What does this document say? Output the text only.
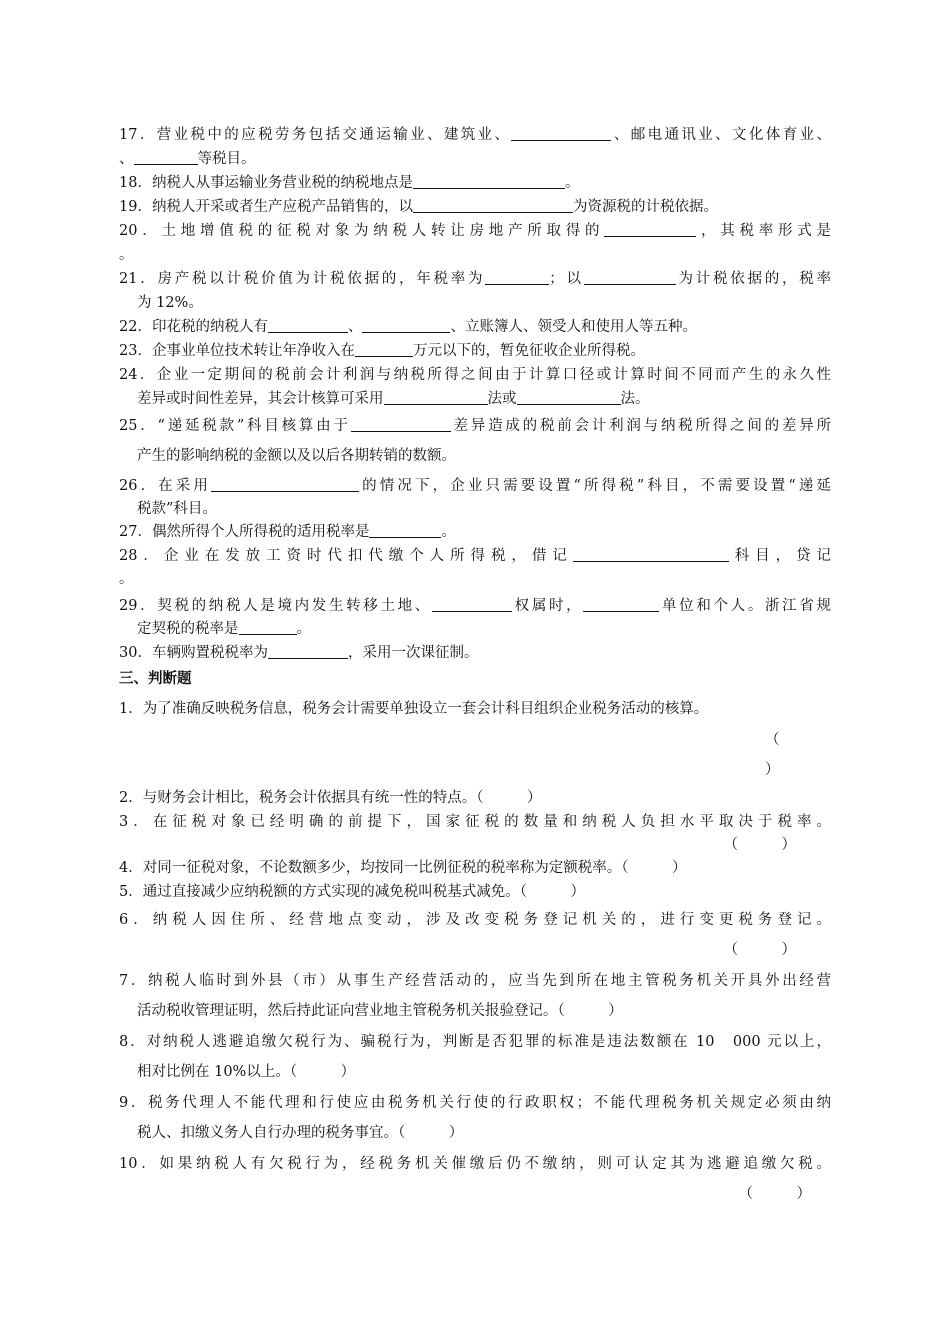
17．营业税中的应税劳务包括交通运输业、建筑业、	、邮电通讯业、文化体育业、
、	等税目。
18．纳税人从事运输业务营业税的纳税地点是	。
19．纳税人开采或者生产应税产品销售的，以	为资源税的计税依据。
20．土地增值税的征税对象为纳税人转让房地产所取得的	，其税率形式是
。
21．房产税以计税价值为计税依据的，年税率为	；以	为计税依据的，税率
为 12%。
22．印花税的纳税人有	、	、立账簿人、领受人和使用人等五种。
23．企事业单位技术转让年净收入在	万元以下的，暂免征收企业所得税。
24．企业一定期间的税前会计利润与纳税所得之间由于计算口径或计算时间不同而产生的永久性
差异或时间性差异，其会计核算可采用	法或	法。
25．“递延税款”科目核算由于	差异造成的税前会计利润与纳税所得之间的差异所
产生的影响纳税的金额以及以后各期转销的数额。
26．在采用	的情况下，企业只需要设置“所得税”科目，不需要设置“递延
税款”科目。
27．偶然所得个人所得税的适用税率是	。
28．企业在发放工资时代扣代缴个人所得税，借记	科目，贷记
。
29．契税的纳税人是境内发生转移土地、	权属时，	单位和个人。浙江省规
定契税的税率是	。
30．车辆购置税税率为	，采用一次课征制。
三、判断题
1．为了准确反映税务信息，税务会计需要单独设立一套会计科目组织企业税务活动的核算。
（
）
2．与财务会计相比，税务会计依据具有统一性的特点。（　　　）
3．在征税对象已经明确的前提下，国家征税的数量和纳税人负担水平取决于税率。
（　　　）
4．对同一征税对象，不论数额多少，均按同一比例征税的税率称为定额税率。（　　　）
5．通过直接减少应纳税额的方式实现的减免税叫税基式减免。（　　　）
6．纳税人因住所、经营地点变动，涉及改变税务登记机关的，进行变更税务登记。
（　　　）
7．纳税人临时到外县（市）从事生产经营活动的，应当先到所在地主管税务机关开具外出经营
活动税收管理证明，然后持此证向营业地主管税务机关报验登记。（　　　）
8．对纳税人逃避追缴欠税行为、骗税行为，判断是否犯罪的标准是违法数额在 10　000 元以上，
相对比例在 10%以上。（　　　）
9．税务代理人不能代理和行使应由税务机关行使的行政职权；不能代理税务机关规定必须由纳
税人、扣缴义务人自行办理的税务事宜。（　　　）
10．如果纳税人有欠税行为，经税务机关催缴后仍不缴纳，则可认定其为逃避追缴欠税。
（　　　）
